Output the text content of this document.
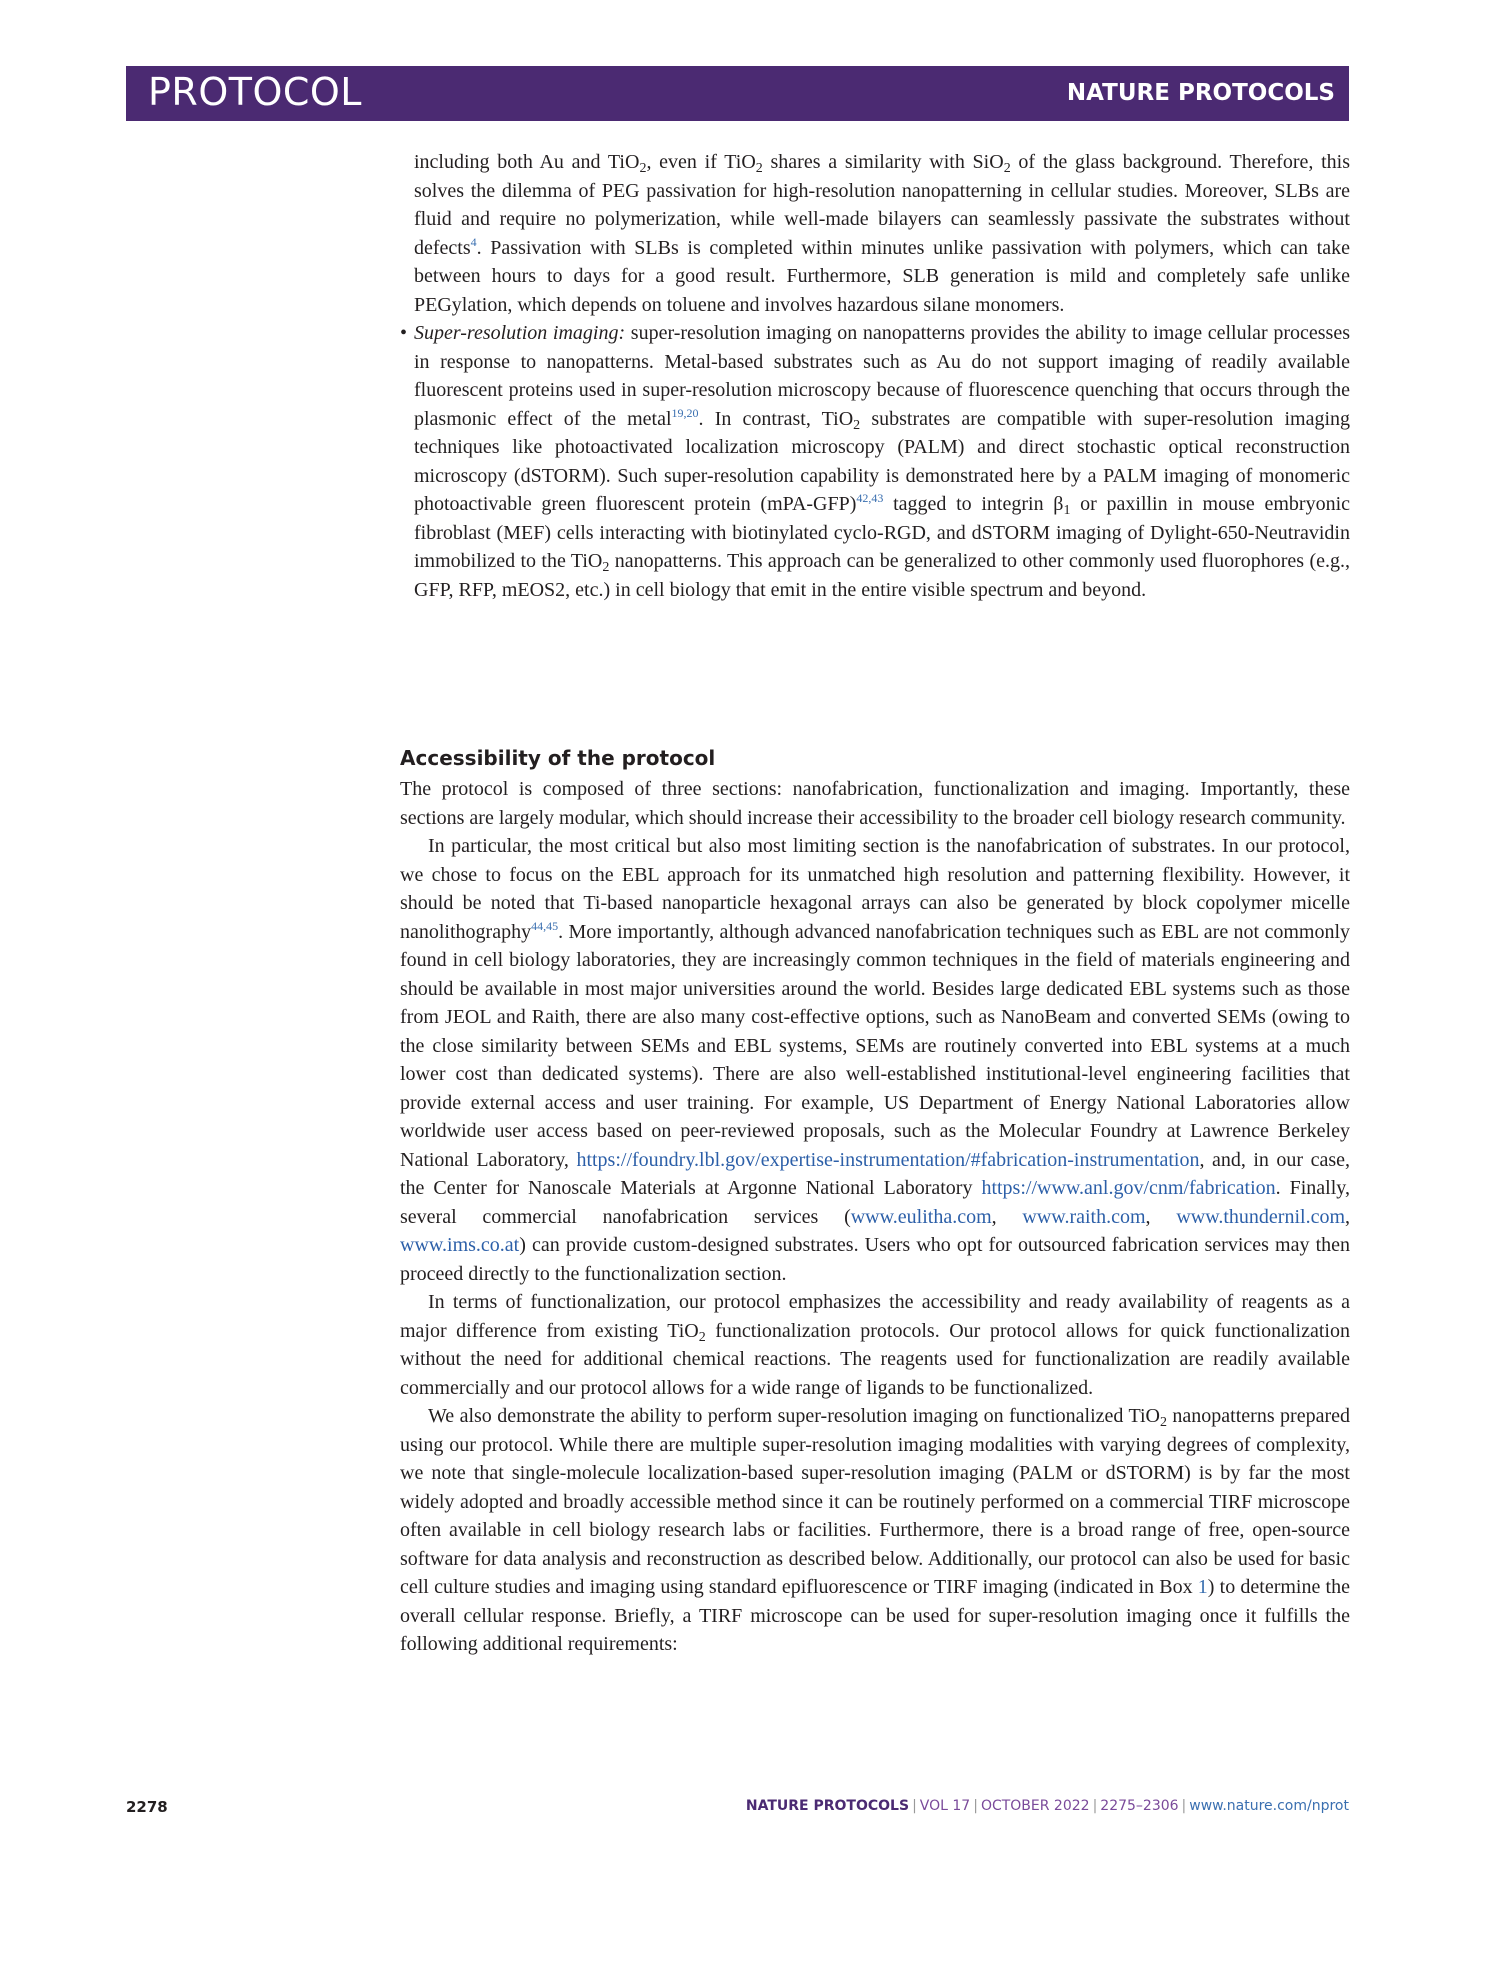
PROTOCOL	NATURE PROTOCOLS

including both Au and TiO$_2$, even if TiO$_2$ shares a similarity with SiO$_2$ of the glass background. Therefore, this solves the dilemma of PEG passivation for high-resolution nanopatterning in cellular studies. Moreover, SLBs are fluid and require no polymerization, while well-made bilayers can seamlessly passivate the substrates without defects$^4$. Passivation with SLBs is completed within minutes unlike passivation with polymers, which can take between hours to days for a good result. Furthermore, SLB generation is mild and completely safe unlike PEGylation, which depends on toluene and involves hazardous silane monomers.

• Super-resolution imaging: super-resolution imaging on nanopatterns provides the ability to image cellular processes in response to nanopatterns. Metal-based substrates such as Au do not support imaging of readily available fluorescent proteins used in super-resolution microscopy because of fluorescence quenching that occurs through the plasmonic effect of the metal$^{19,20}$. In contrast, TiO$_2$ substrates are compatible with super-resolution imaging techniques like photoactivated localization microscopy (PALM) and direct stochastic optical reconstruction microscopy (dSTORM). Such super-resolution capability is demonstrated here by a PALM imaging of monomeric photoactivable green fluorescent protein (mPA-GFP)$^{42,43}$ tagged to integrin $\beta_1$ or paxillin in mouse embryonic fibroblast (MEF) cells interacting with biotinylated cyclo-RGD, and dSTORM imaging of Dylight-650-Neutravidin immobilized to the TiO$_2$ nanopatterns. This approach can be generalized to other commonly used fluorophores (e.g., GFP, RFP, mEOS2, etc.) in cell biology that emit in the entire visible spectrum and beyond.

Accessibility of the protocol

The protocol is composed of three sections: nanofabrication, functionalization and imaging. Importantly, these sections are largely modular, which should increase their accessibility to the broader cell biology research community.

In particular, the most critical but also most limiting section is the nanofabrication of substrates. In our protocol, we chose to focus on the EBL approach for its unmatched high resolution and patterning flexibility. However, it should be noted that Ti-based nanoparticle hexagonal arrays can also be generated by block copolymer micelle nanolithography$^{44,45}$. More importantly, although advanced nanofabrication techniques such as EBL are not commonly found in cell biology laboratories, they are increasingly common techniques in the field of materials engineering and should be available in most major universities around the world. Besides large dedicated EBL systems such as those from JEOL and Raith, there are also many cost-effective options, such as NanoBeam and converted SEMs (owing to the close similarity between SEMs and EBL systems, SEMs are routinely converted into EBL systems at a much lower cost than dedicated systems). There are also well-established institutional-level engineering facilities that provide external access and user training. For example, US Department of Energy National Laboratories allow worldwide user access based on peer-reviewed proposals, such as the Molecular Foundry at Lawrence Berkeley National Laboratory, https://foundry.lbl.gov/expertise-instrumentation/#fabrication-instrumentation, and, in our case, the Center for Nanoscale Materials at Argonne National Laboratory https://www.anl.gov/cnm/fabrication. Finally, several commercial nanofabrication services (www.eulitha.com, www.raith.com, www.thundernil.com, www.ims.co.at) can provide custom-designed substrates. Users who opt for outsourced fabrication services may then proceed directly to the functionalization section.

In terms of functionalization, our protocol emphasizes the accessibility and ready availability of reagents as a major difference from existing TiO$_2$ functionalization protocols. Our protocol allows for quick functionalization without the need for additional chemical reactions. The reagents used for functionalization are readily available commercially and our protocol allows for a wide range of ligands to be functionalized.

We also demonstrate the ability to perform super-resolution imaging on functionalized TiO$_2$ nanopatterns prepared using our protocol. While there are multiple super-resolution imaging modalities with varying degrees of complexity, we note that single-molecule localization-based super-resolution imaging (PALM or dSTORM) is by far the most widely adopted and broadly accessible method since it can be routinely performed on a commercial TIRF microscope often available in cell biology research labs or facilities. Furthermore, there is a broad range of free, open-source software for data analysis and reconstruction as described below. Additionally, our protocol can also be used for basic cell culture studies and imaging using standard epifluorescence or TIRF imaging (indicated in Box 1) to determine the overall cellular response. Briefly, a TIRF microscope can be used for super-resolution imaging once it fulfills the following additional requirements:

2278	NATURE PROTOCOLS | VOL 17 | OCTOBER 2022 | 2275–2306 | www.nature.com/nprot
